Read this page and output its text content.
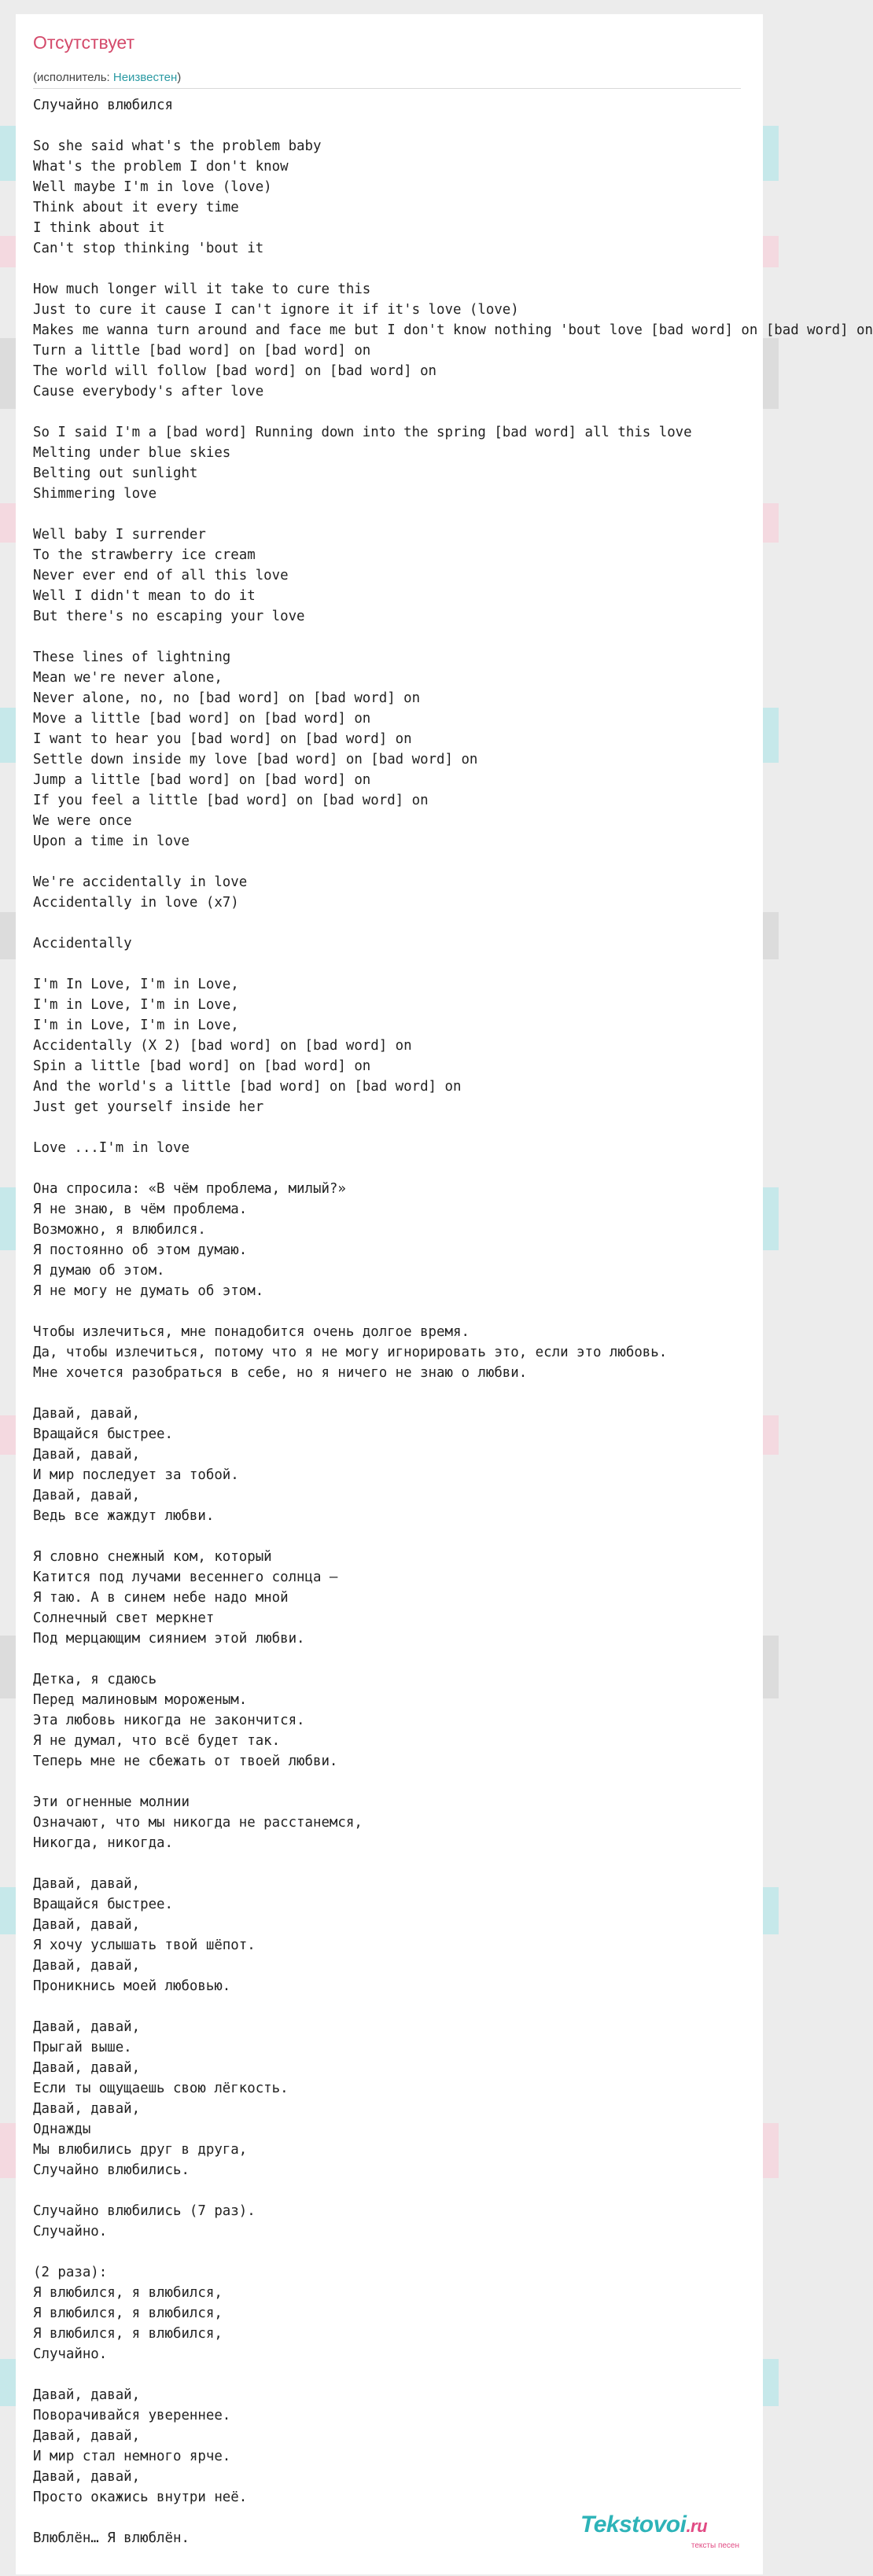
Отсутствует
(исполнитель: Неизвестен)
Случайно влюбился

So she said what's the problem baby
What's the problem I don't know
Well maybe I'm in love (love)
Think about it every time
I think about it
Can't stop thinking 'bout it

How much longer will it take to cure this
Just to cure it cause I can't ignore it if it's love (love)
Makes me wanna turn around and face me but I don't know nothing 'bout love [bad word] on [bad word] on
Turn a little [bad word] on [bad word] on
The world will follow [bad word] on [bad word] on
Cause everybody's after love

So I said I'm a [bad word] Running down into the spring [bad word] all this love
Melting under blue skies
Belting out sunlight
Shimmering love

Well baby I surrender
To the strawberry ice cream
Never ever end of all this love
Well I didn't mean to do it
But there's no escaping your love

These lines of lightning
Mean we're never alone,
Never alone, no, no [bad word] on [bad word] on
Move a little [bad word] on [bad word] on
I want to hear you [bad word] on [bad word] on
Settle down inside my love [bad word] on [bad word] on
Jump a little [bad word] on [bad word] on
If you feel a little [bad word] on [bad word] on
We were once
Upon a time in love

We're accidentally in love
Accidentally in love (x7)

Accidentally

I'm In Love, I'm in Love,
I'm in Love, I'm in Love,
I'm in Love, I'm in Love,
Accidentally (X 2) [bad word] on [bad word] on
Spin a little [bad word] on [bad word] on
And the world's a little [bad word] on [bad word] on
Just get yourself inside her

Love ...I'm in love

Она спросила: «В чём проблема, милый?»
Я не знаю, в чём проблема.
Возможно, я влюбился.
Я постоянно об этом думаю.
Я думаю об этом.
Я не могу не думать об этом.

Чтобы излечиться, мне понадобится очень долгое время.
Да, чтобы излечиться, потому что я не могу игнорировать это, если это любовь.
Мне хочется разобраться в себе, но я ничего не знаю о любви.

Давай, давай,
Вращайся быстрее.
Давай, давай,
И мир последует за тобой.
Давай, давай,
Ведь все жаждут любви.

Я словно снежный ком, который
Катится под лучами весеннего солнца –
Я таю. А в синем небе надо мной
Солнечный свет меркнет
Под мерцающим сиянием этой любви.

Детка, я сдаюсь
Перед малиновым мороженым.
Эта любовь никогда не закончится.
Я не думал, что всё будет так.
Теперь мне не сбежать от твоей любви.

Эти огненные молнии
Означают, что мы никогда не расстанемся,
Никогда, никогда.

Давай, давай,
Вращайся быстрее.
Давай, давай,
Я хочу услышать твой шёпот.
Давай, давай,
Проникнись моей любовью.

Давай, давай,
Прыгай выше.
Давай, давай,
Если ты ощущаешь свою лёгкость.
Давай, давай,
Однажды
Мы влюбились друг в друга,
Случайно влюбились.

Случайно влюбились (7 раз).
Случайно.

(2 раза):
Я влюбился, я влюбился,
Я влюбился, я влюбился,
Я влюбился, я влюбился,
Случайно.

Давай, давай,
Поворачивайся увереннее.
Давай, давай,
И мир стал немного ярче.
Давай, давай,
Просто окажись внутри неё.

Влюблён… Я влюблён.

Tekstovoi.ru
тексты песен
